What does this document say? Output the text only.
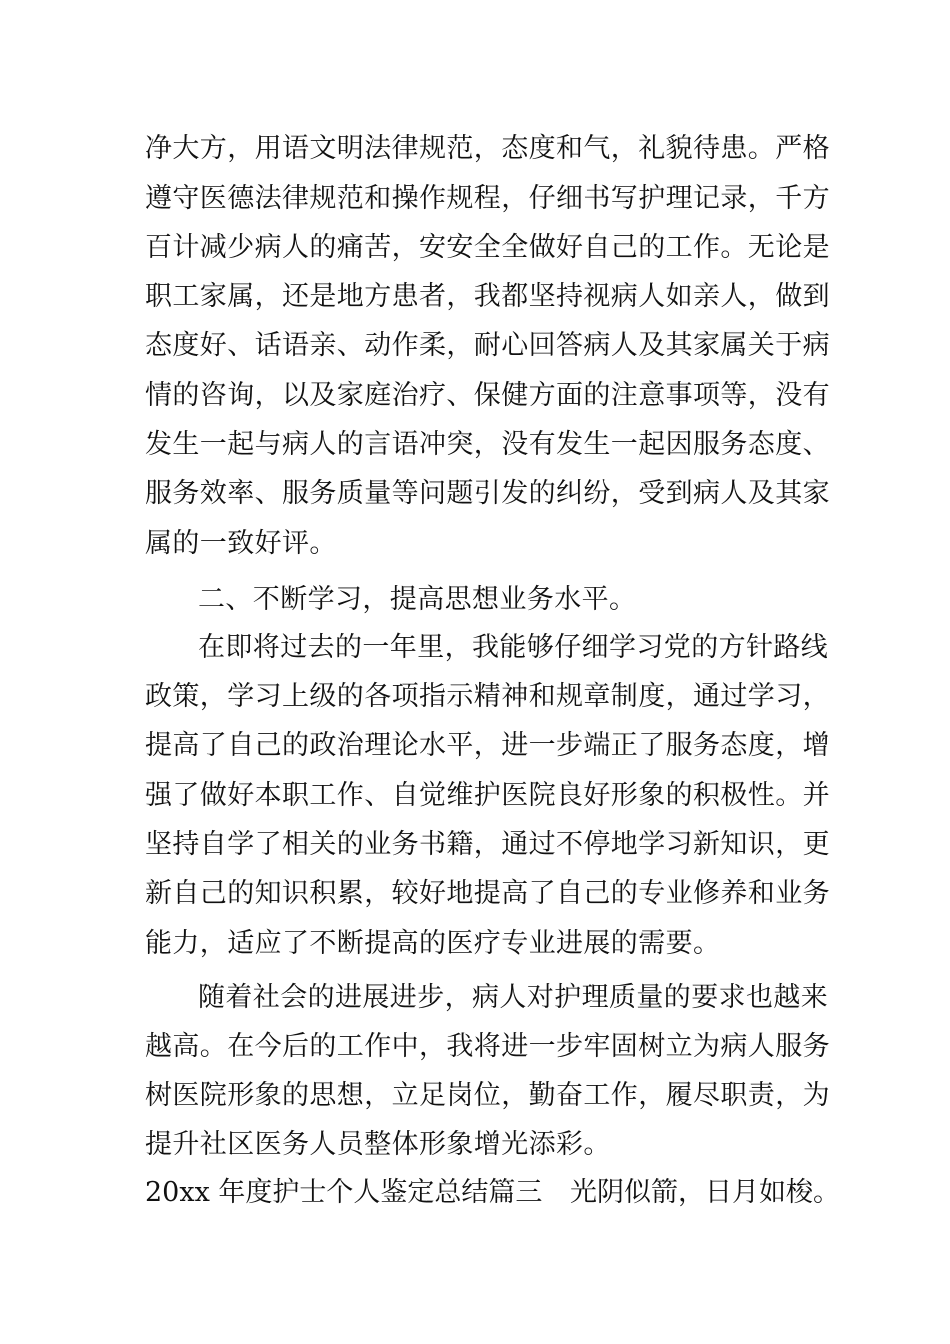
净大方，用语文明法律规范，态度和气，礼貌待患。严格
遵守医德法律规范和操作规程，仔细书写护理记录，千方
百计减少病人的痛苦，安安全全做好自己的工作。无论是
职工家属，还是地方患者，我都坚持视病人如亲人，做到
态度好、话语亲、动作柔，耐心回答病人及其家属关于病
情的咨询，以及家庭治疗、保健方面的注意事项等，没有
发生一起与病人的言语冲突，没有发生一起因服务态度、
服务效率、服务质量等问题引发的纠纷，受到病人及其家
属的一致好评。
二、不断学习，提高思想业务水平。
在即将过去的一年里，我能够仔细学习党的方针路线
政策，学习上级的各项指示精神和规章制度，通过学习，
提高了自己的政治理论水平，进一步端正了服务态度，增
强了做好本职工作、自觉维护医院良好形象的积极性。并
坚持自学了相关的业务书籍，通过不停地学习新知识，更
新自己的知识积累，较好地提高了自己的专业修养和业务
能力，适应了不断提高的医疗专业进展的需要。
随着社会的进展进步，病人对护理质量的要求也越来
越高。在今后的工作中，我将进一步牢固树立为病人服务
树医院形象的思想，立足岗位，勤奋工作，履尽职责，为
提升社区医务人员整体形象增光添彩。
20xx 年度护士个人鉴定总结篇三 光阴似箭，日月如梭。
